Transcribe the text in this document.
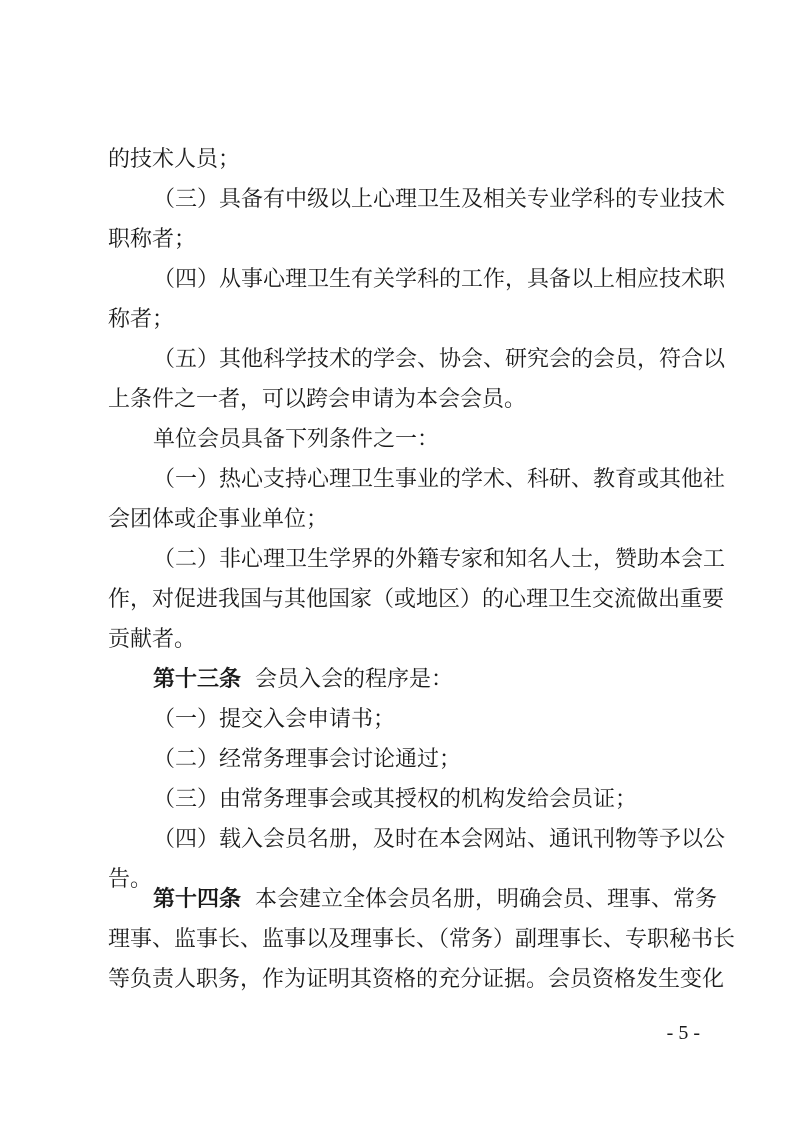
的技术人员；
（三）具备有中级以上心理卫生及相关专业学科的专业技术
职称者；
（四）从事心理卫生有关学科的工作，具备以上相应技术职
称者；
（五）其他科学技术的学会、协会、研究会的会员，符合以
上条件之一者，可以跨会申请为本会会员。
单位会员具备下列条件之一：
（一）热心支持心理卫生事业的学术、科研、教育或其他社
会团体或企事业单位；
（二）非心理卫生学界的外籍专家和知名人士，赞助本会工
作，对促进我国与其他国家（或地区）的心理卫生交流做出重要
贡献者。
第十三条 会员入会的程序是：
（一）提交入会申请书；
（二）经常务理事会讨论通过；
（三）由常务理事会或其授权的机构发给会员证；
（四）载入会员名册，及时在本会网站、通讯刊物等予以公
告。
第十四条 本会建立全体会员名册，明确会员、理事、常务
理事、监事长、监事以及理事长、（常务）副理事长、专职秘书长
等负责人职务，作为证明其资格的充分证据。会员资格发生变化
- 5 -
